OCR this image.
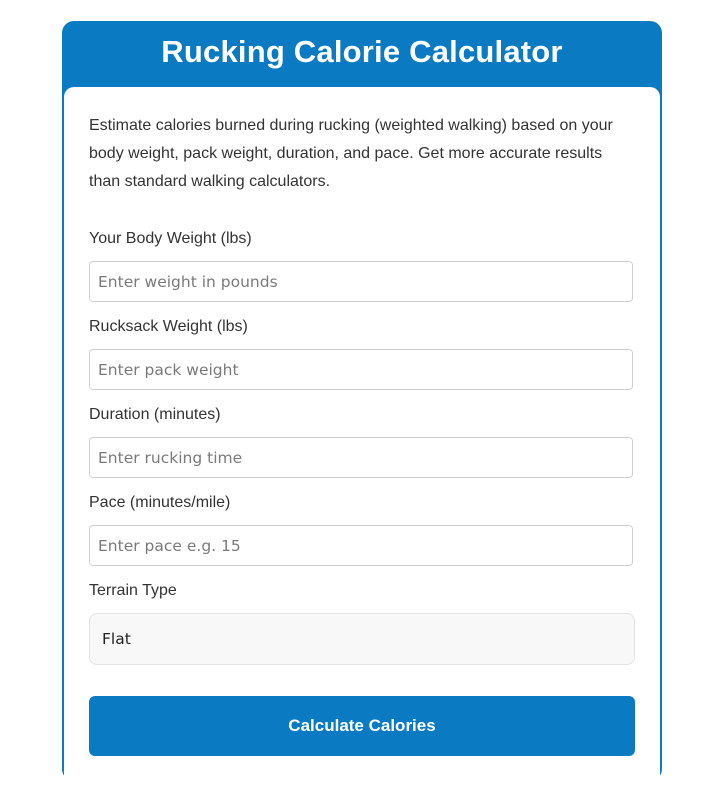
Rucking Calorie Calculator

Estimate calories burned during rucking (weighted walking) based on your body weight, pack weight, duration, and pace. Get more accurate results than standard walking calculators.

Your Body Weight (lbs)
Enter weight in pounds
Rucksack Weight (lbs)
Enter pack weight
Duration (minutes)
Enter rucking time
Pace (minutes/mile)
Enter pace e.g. 15
Terrain Type
Flat
Calculate Calories
